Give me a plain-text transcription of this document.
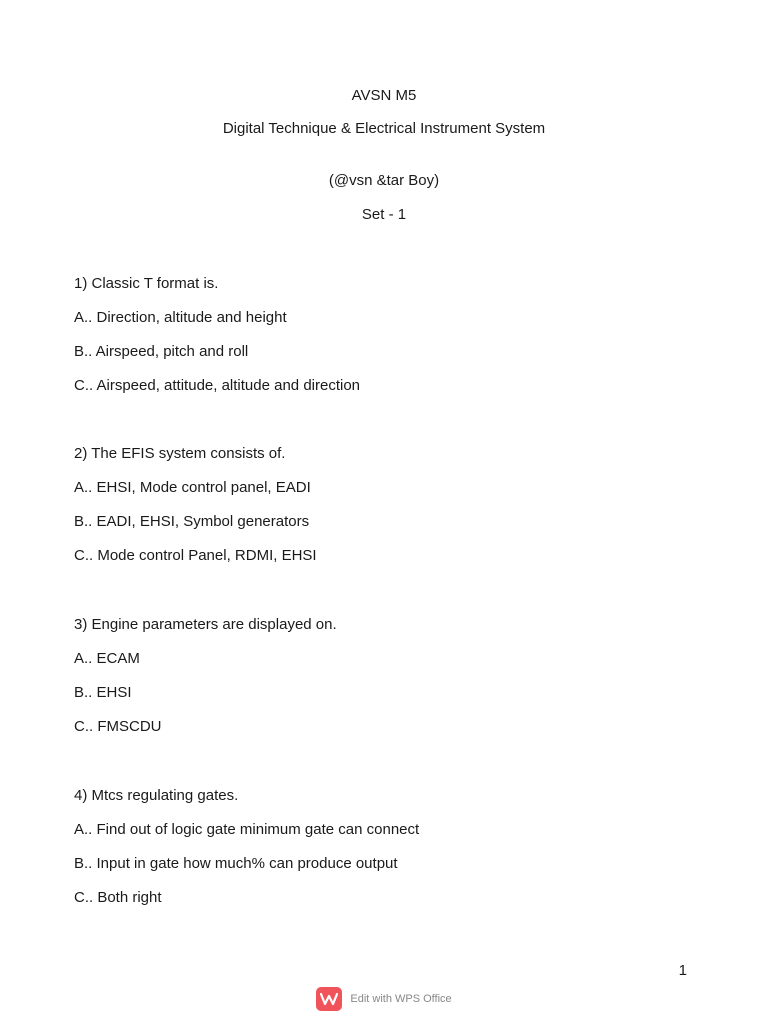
AVSN M5
Digital Technique & Electrical Instrument System
(@vsn &tar Boy)
Set - 1
1) Classic T format is.
A.. Direction, altitude and height
B.. Airspeed, pitch and roll
C.. Airspeed, attitude, altitude and direction
2) The EFIS system consists of.
A.. EHSI, Mode control panel, EADI
B.. EADI, EHSI, Symbol generators
C.. Mode control Panel, RDMI, EHSI
3) Engine parameters are displayed on.
A.. ECAM
B.. EHSI
C.. FMSCDU
4) Mtcs regulating gates.
A.. Find out of logic gate minimum gate can connect
B.. Input in gate how much% can produce output
C.. Both right
1
Edit with WPS Office
